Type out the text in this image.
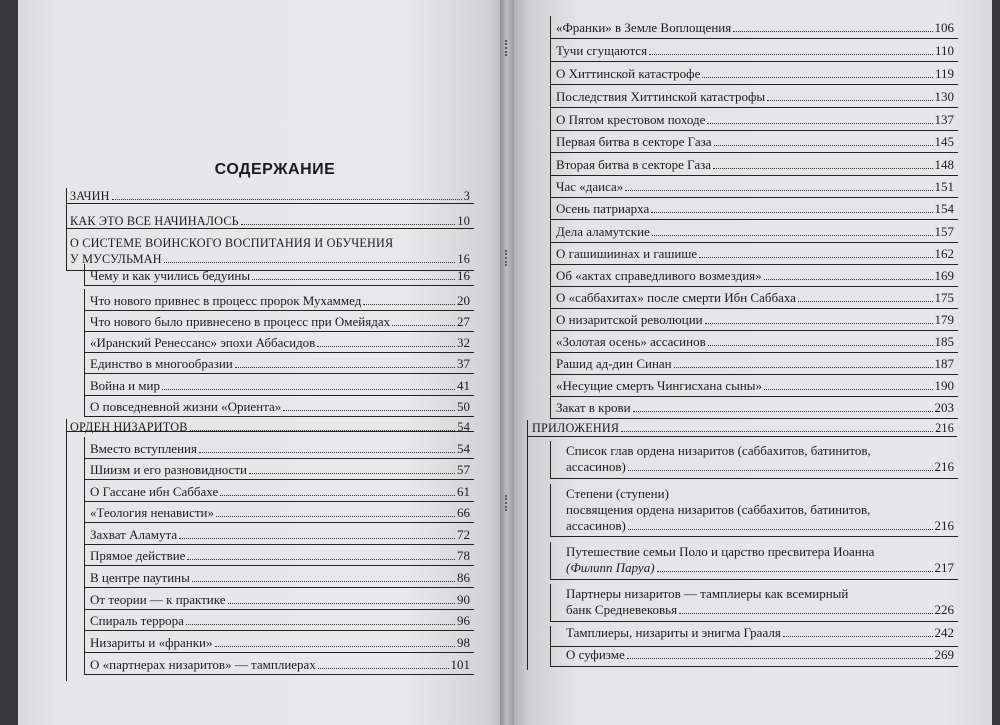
СОДЕРЖАНИЕ
ЗАЧИН	3
КАК ЭТО ВСЕ НАЧИНАЛОСЬ	10
О СИСТЕМЕ ВОИНСКОГО ВОСПИТАНИЯ И ОБУЧЕНИЯ
У МУСУЛЬМАН	16
Чему и как учились бедуины	16
Что нового привнес в процесс пророк Мухаммед	20
Что нового было привнесено в процесс при Омейядах	27
«Иранский Ренессанс» эпохи Аббасидов	32
Единство в многообразии	37
Война и мир	41
О повседневной жизни «Ориента»	50
ОРДЕН НИЗАРИТОВ	54
Вместо вступления	54
Шиизм и его разновидности	57
О Гассане ибн Саббахе	61
«Теология ненависти»	66
Захват Аламута	72
Прямое действие	78
В центре паутины	86
От теории — к практике	90
Спираль террора	96
Низариты и «франки»	98
О «партнерах низаритов» — тамплиерах	101
«Франки» в Земле Воплощения	106
Тучи сгущаются	110
О Хиттинской катастрофе	119
Последствия Хиттинской катастрофы	130
О Пятом крестовом походе	137
Первая битва в секторе Газа	145
Вторая битва в секторе Газа	148
Час «даиса»	151
Осень патриарха	154
Дела аламутские	157
О гашишиинах и гашише	162
Об «актах справедливого возмездия»	169
О «саббахитах» после смерти Ибн Саббаха	175
О низаритской революции	179
«Золотая осень» ассасинов	185
Рашид ад-дин Синан	187
«Несущие смерть Чингисхана сыны»	190
Закат в крови	203
ПРИЛОЖЕНИЯ	216
Список глав ордена низаритов (саббахитов, батинитов,
ассасинов)	216
Степени (ступени)
посвящения ордена низаритов (саббахитов, батинитов,
ассасинов)	216
Путешествие семьи Поло и царство пресвитера Иоанна
(Филипп Паруа)	217
Партнеры низаритов — тамплиеры как всемирный
банк Средневековья	226
Тамплиеры, низариты и энигма Грааля	242
О суфизме	269
